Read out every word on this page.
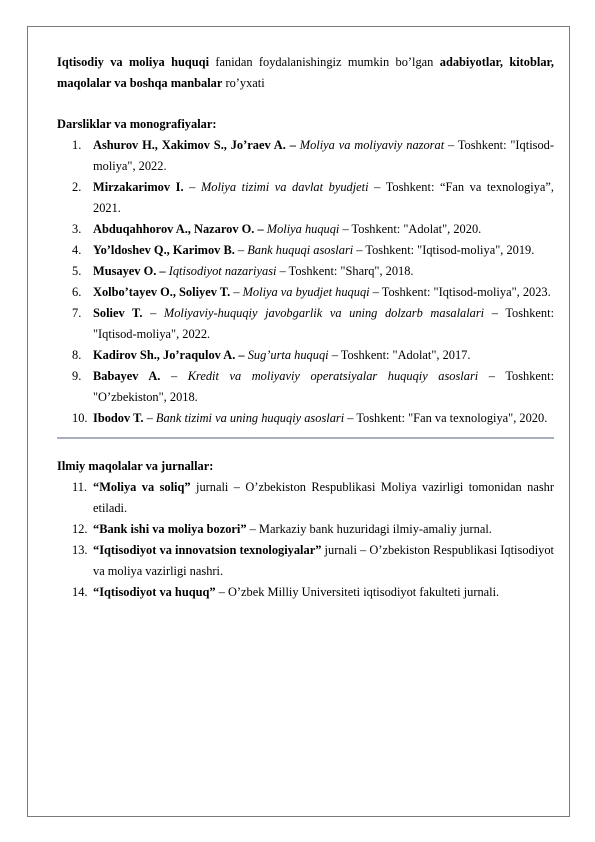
Iqtisodiy va moliya huquqi fanidan foydalanishingiz mumkin bo’lgan adabiyotlar, kitoblar, maqolalar va boshqa manbalar ro’yxati

Darsliklar va monografiyalar:

1. Ashurov H., Xakimov S., Jo’raev A. – Moliya va moliyaviy nazorat – Toshkent: "Iqtisod-moliya", 2022.
2. Mirzakarimov I. – Moliya tizimi va davlat byudjeti – Toshkent: “Fan va texnologiya”, 2021.
3. Abduqahhorov A., Nazarov O. – Moliya huquqi – Toshkent: "Adolat", 2020.
4. Yo’ldoshev Q., Karimov B. – Bank huquqi asoslari – Toshkent: "Iqtisod-moliya", 2019.
5. Musayev O. – Iqtisodiyot nazariyasi – Toshkent: "Sharq", 2018.
6. Xolbo’tayev O., Soliyev T. – Moliya va byudjet huquqi – Toshkent: "Iqtisod-moliya", 2023.
7. Soliev T. – Moliyaviy-huquqiy javobgarlik va uning dolzarb masalalari – Toshkent: "Iqtisod-moliya", 2022.
8. Kadirov Sh., Jo’raqulov A. – Sug’urta huquqi – Toshkent: "Adolat", 2017.
9. Babayev A. – Kredit va moliyaviy operatsiyalar huquqiy asoslari – Toshkent: "O’zbekiston", 2018.
10. Ibodov T. – Bank tizimi va uning huquqiy asoslari – Toshkent: "Fan va texnologiya", 2020.

Ilmiy maqolalar va jurnallar:

11. “Moliya va soliq” jurnali – O’zbekiston Respublikasi Moliya vazirligi tomonidan nashr etiladi.
12. “Bank ishi va moliya bozori” – Markaziy bank huzuridagi ilmiy-amaliy jurnal.
13. “Iqtisodiyot va innovatsion texnologiyalar” jurnali – O’zbekiston Respublikasi Iqtisodiyot va moliya vazirligi nashri.
14. “Iqtisodiyot va huquq” – O’zbek Milliy Universiteti iqtisodiyot fakulteti jurnali.
